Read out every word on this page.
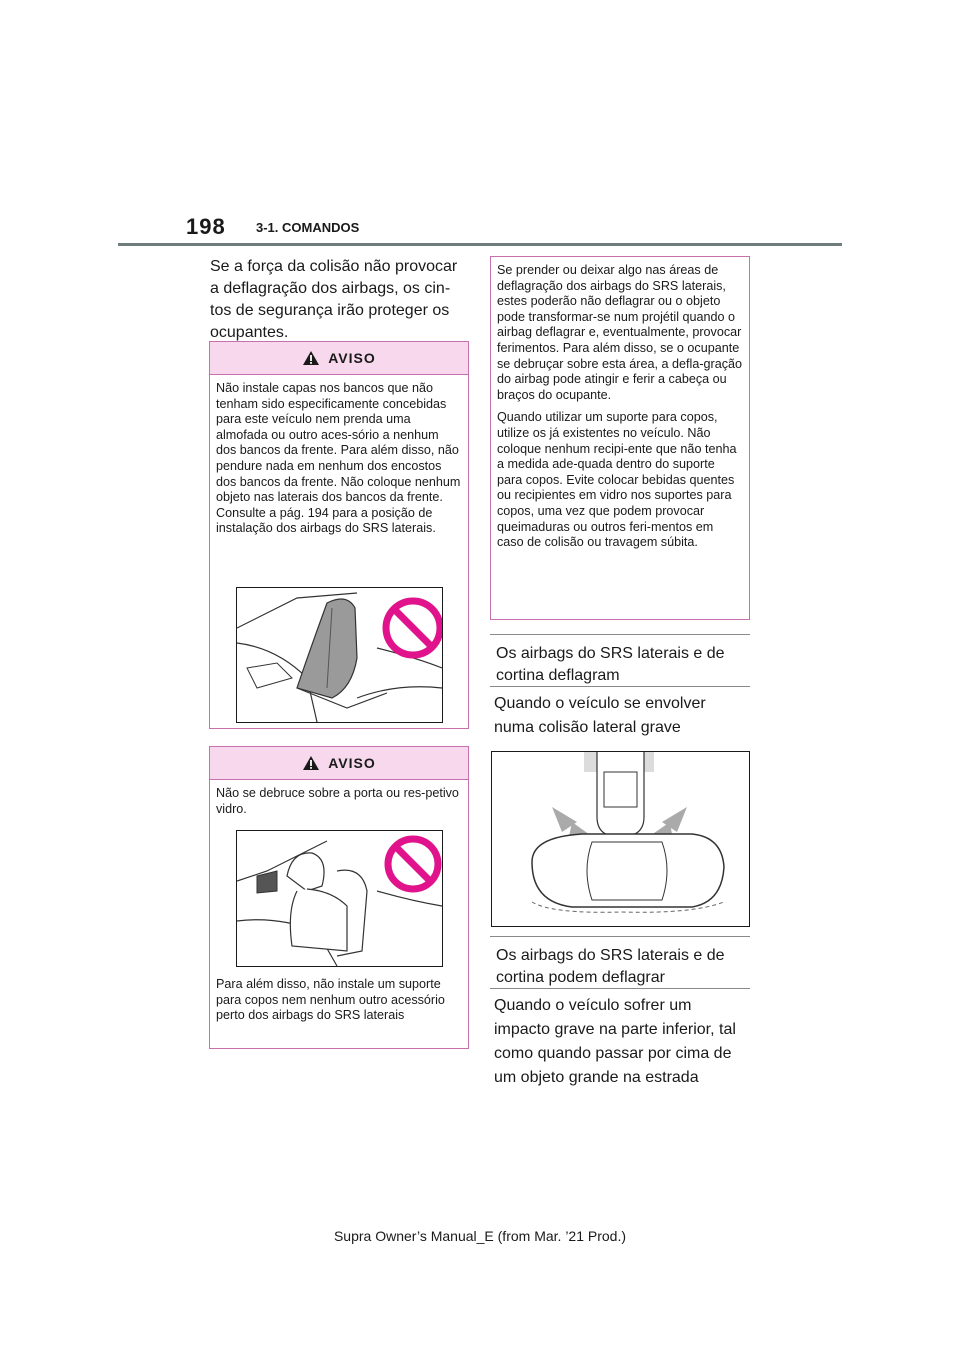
198 3-1. COMANDOS
Se a força da colisão não provocar a deflagração dos airbags, os cin-tos de segurança irão proteger os ocupantes.
AVISO
Não instale capas nos bancos que não tenham sido especificamente concebidas para este veículo nem prenda uma almofada ou outro aces-sório a nenhum dos bancos da frente. Para além disso, não pendure nada em nenhum dos encostos dos bancos da frente. Não coloque nenhum objeto nas laterais dos bancos da frente. Consulte a pág. 194 para a posição de instalação dos airbags do SRS laterais.
AVISO
Não se debruce sobre a porta ou res-petivo vidro.
Para além disso, não instale um suporte para copos nem nenhum outro acessório perto dos airbags do SRS laterais
Se prender ou deixar algo nas áreas de deflagração dos airbags do SRS laterais, estes poderão não deflagrar ou o objeto pode transformar-se num projétil quando o airbag deflagrar e, eventualmente, provocar ferimentos. Para além disso, se o ocupante se debruçar sobre esta área, a defla-gração do airbag pode atingir e ferir a cabeça ou braços do ocupante.
Quando utilizar um suporte para copos, utilize os já existentes no veículo. Não coloque nenhum recipi-ente que não tenha a medida ade-quada dentro do suporte para copos. Evite colocar bebidas quentes ou recipientes em vidro nos suportes para copos, uma vez que podem provocar queimaduras ou outros feri-mentos em caso de colisão ou travagem súbita.
Os airbags do SRS laterais e de cortina deflagram
Quando o veículo se envolver numa colisão lateral grave
Os airbags do SRS laterais e de cortina podem deflagrar
Quando o veículo sofrer um impacto grave na parte inferior, tal como quando passar por cima de um objeto grande na estrada
Supra Owner’s Manual_E (from Mar. ’21 Prod.)
